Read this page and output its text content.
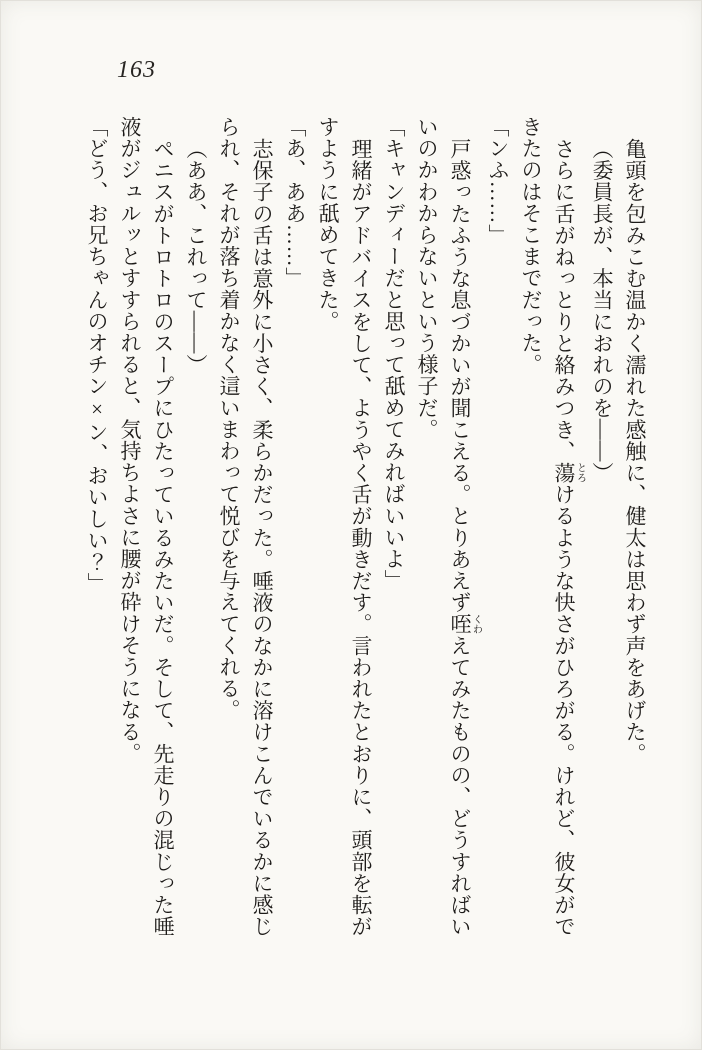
163
亀頭を包みこむ温かく濡れた感触に、健太は思わず声をあげた。
（委員長が、本当におれのを――）
さらに舌がねっとりと絡みつき、蕩とろけるような快さがひろがる。けれど、彼女がで
きたのはそこまでだった。
「ンふ……」
戸惑ったふうな息づかいが聞こえる。とりあえず咥くわえてみたものの、どうすればい
いのかわからないという様子だ。
「キャンディーだと思って舐めてみればいいよ」
理緒がアドバイスをして、ようやく舌が動きだす。言われたとおりに、頭部を転が
すように舐めてきた。
「あ、ああ……」
志保子の舌は意外に小さく、柔らかだった。唾液のなかに溶けこんでいるかに感じ
られ、それが落ち着かなく這いまわって悦びを与えてくれる。
（ああ、これって――）
ペニスがトロトロのスープにひたっているみたいだ。そして、先走りの混じった唾
液がジュルッとすすられると、気持ちよさに腰が砕けそうになる。
「どう、お兄ちゃんのオチン×ン、おいしい？」
